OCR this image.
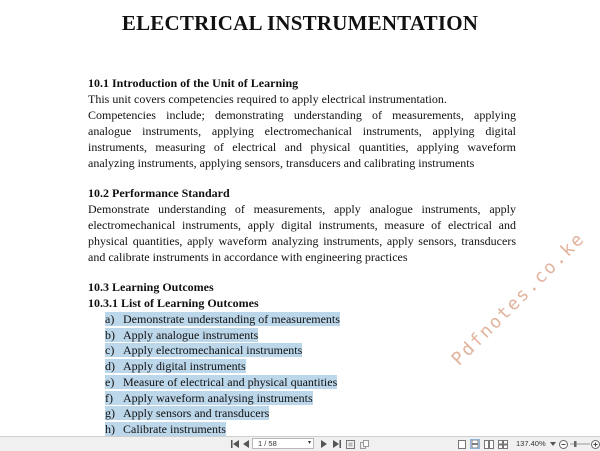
ELECTRICAL INSTRUMENTATION

10.1 Introduction of the Unit of Learning

This unit covers competencies required to apply electrical instrumentation.

Competencies include; demonstrating understanding of measurements, applying analogue instruments, applying electromechanical instruments, applying digital instruments, measuring of electrical and physical quantities, applying waveform analyzing instruments, applying sensors, transducers and calibrating instruments

10.2 Performance Standard

Demonstrate understanding of measurements, apply analogue instruments, apply electromechanical instruments, apply digital instruments, measure of electrical and physical quantities, apply waveform analyzing instruments, apply sensors, transducers and calibrate instruments in accordance with engineering practices

10.3 Learning Outcomes

10.3.1 List of Learning Outcomes

a) Demonstrate understanding of measurements
b) Apply analogue instruments
c) Apply electromechanical instruments
d) Apply digital instruments
e) Measure of electrical and physical quantities
f) Apply waveform analysing instruments
g) Apply sensors and transducers
h) Calibrate instruments
Pdfnotes.co.ke
1 / 58	▾	137.40%
